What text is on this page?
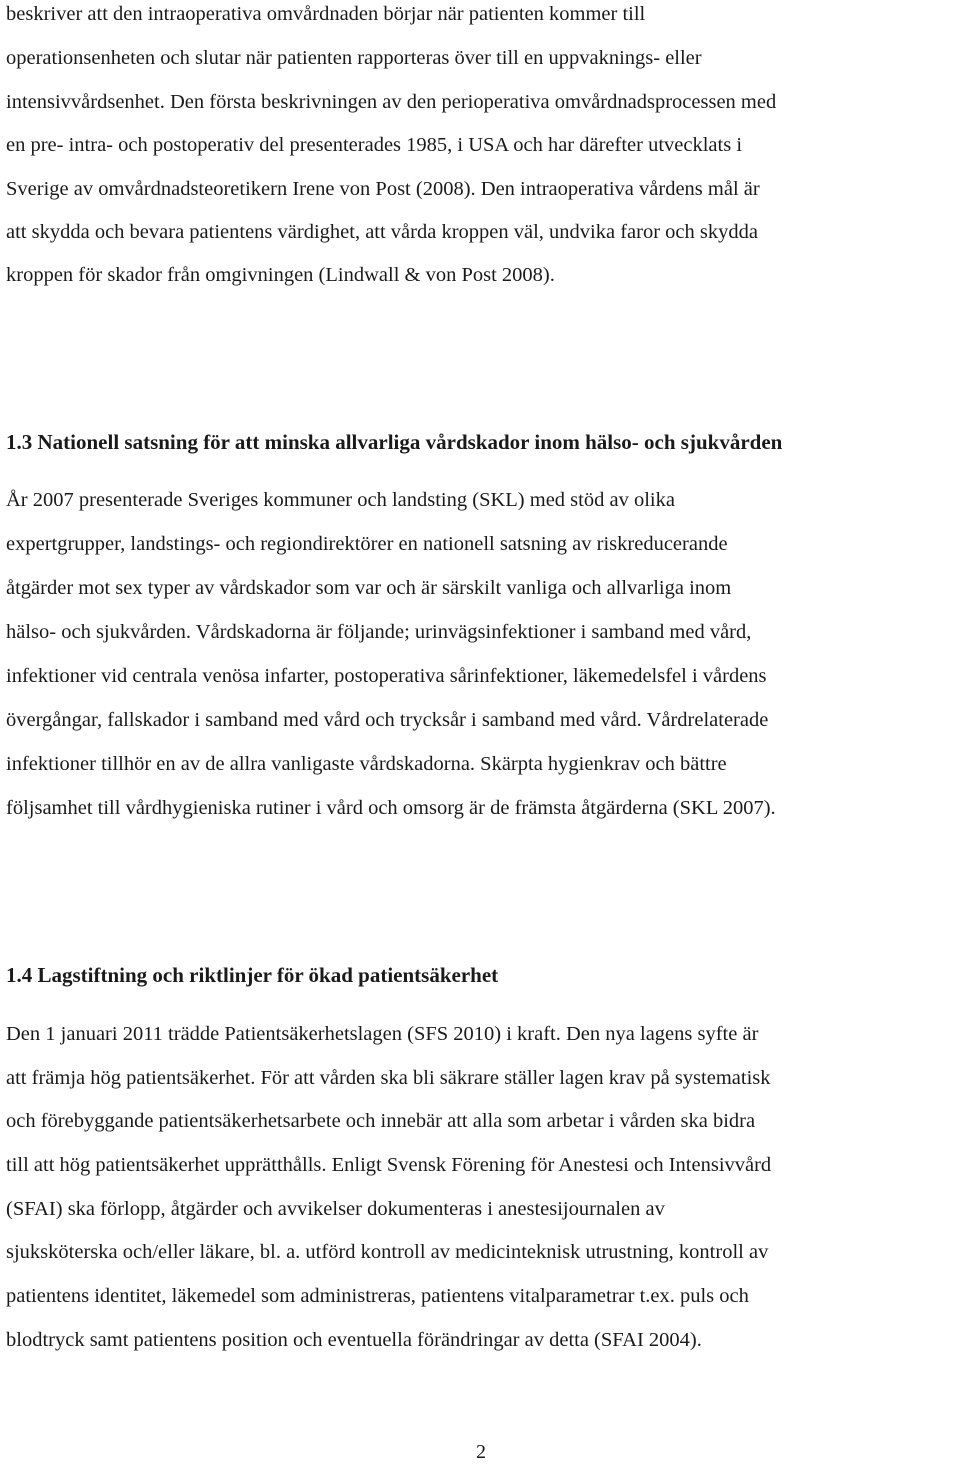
beskriver att den intraoperativa omvårdnaden börjar när patienten kommer till

operationsenheten och slutar när patienten rapporteras över till en uppvaknings- eller

intensivvårdsenhet. Den första beskrivningen av den perioperativa omvårdnadsprocessen med

en pre- intra- och postoperativ del presenterades 1985, i USA och har därefter utvecklats i

Sverige av omvårdnadsteoretikern Irene von Post (2008). Den intraoperativa vårdens mål är

att skydda och bevara patientens värdighet, att vårda kroppen väl, undvika faror och skydda

kroppen för skador från omgivningen (Lindwall & von Post 2008).

1.3 Nationell satsning för att minska allvarliga vårdskador inom hälso- och sjukvården

År 2007 presenterade Sveriges kommuner och landsting (SKL) med stöd av olika

expertgrupper, landstings- och regiondirektörer en nationell satsning av riskreducerande

åtgärder mot sex typer av vårdskador som var och är särskilt vanliga och allvarliga inom

hälso- och sjukvården. Vårdskadorna är följande; urinvägsinfektioner i samband med vård,

infektioner vid centrala venösa infarter, postoperativa sårinfektioner, läkemedelsfel i vårdens

övergångar, fallskador i samband med vård och trycksår i samband med vård. Vårdrelaterade

infektioner tillhör en av de allra vanligaste vårdskadorna. Skärpta hygienkrav och bättre

följsamhet till vårdhygieniska rutiner i vård och omsorg är de främsta åtgärderna (SKL 2007).

1.4 Lagstiftning och riktlinjer för ökad patientsäkerhet

Den 1 januari 2011 trädde Patientsäkerhetslagen (SFS 2010) i kraft. Den nya lagens syfte är

att främja hög patientsäkerhet. För att vården ska bli säkrare ställer lagen krav på systematisk

och förebyggande patientsäkerhetsarbete och innebär att alla som arbetar i vården ska bidra

till att hög patientsäkerhet upprätthålls. Enligt Svensk Förening för Anestesi och Intensivvård

(SFAI) ska förlopp, åtgärder och avvikelser dokumenteras i anestesijournalen av

sjuksköterska och/eller läkare, bl. a. utförd kontroll av medicinteknisk utrustning, kontroll av

patientens identitet, läkemedel som administreras, patientens vitalparametrar t.ex. puls och

blodtryck samt patientens position och eventuella förändringar av detta (SFAI 2004).

2
